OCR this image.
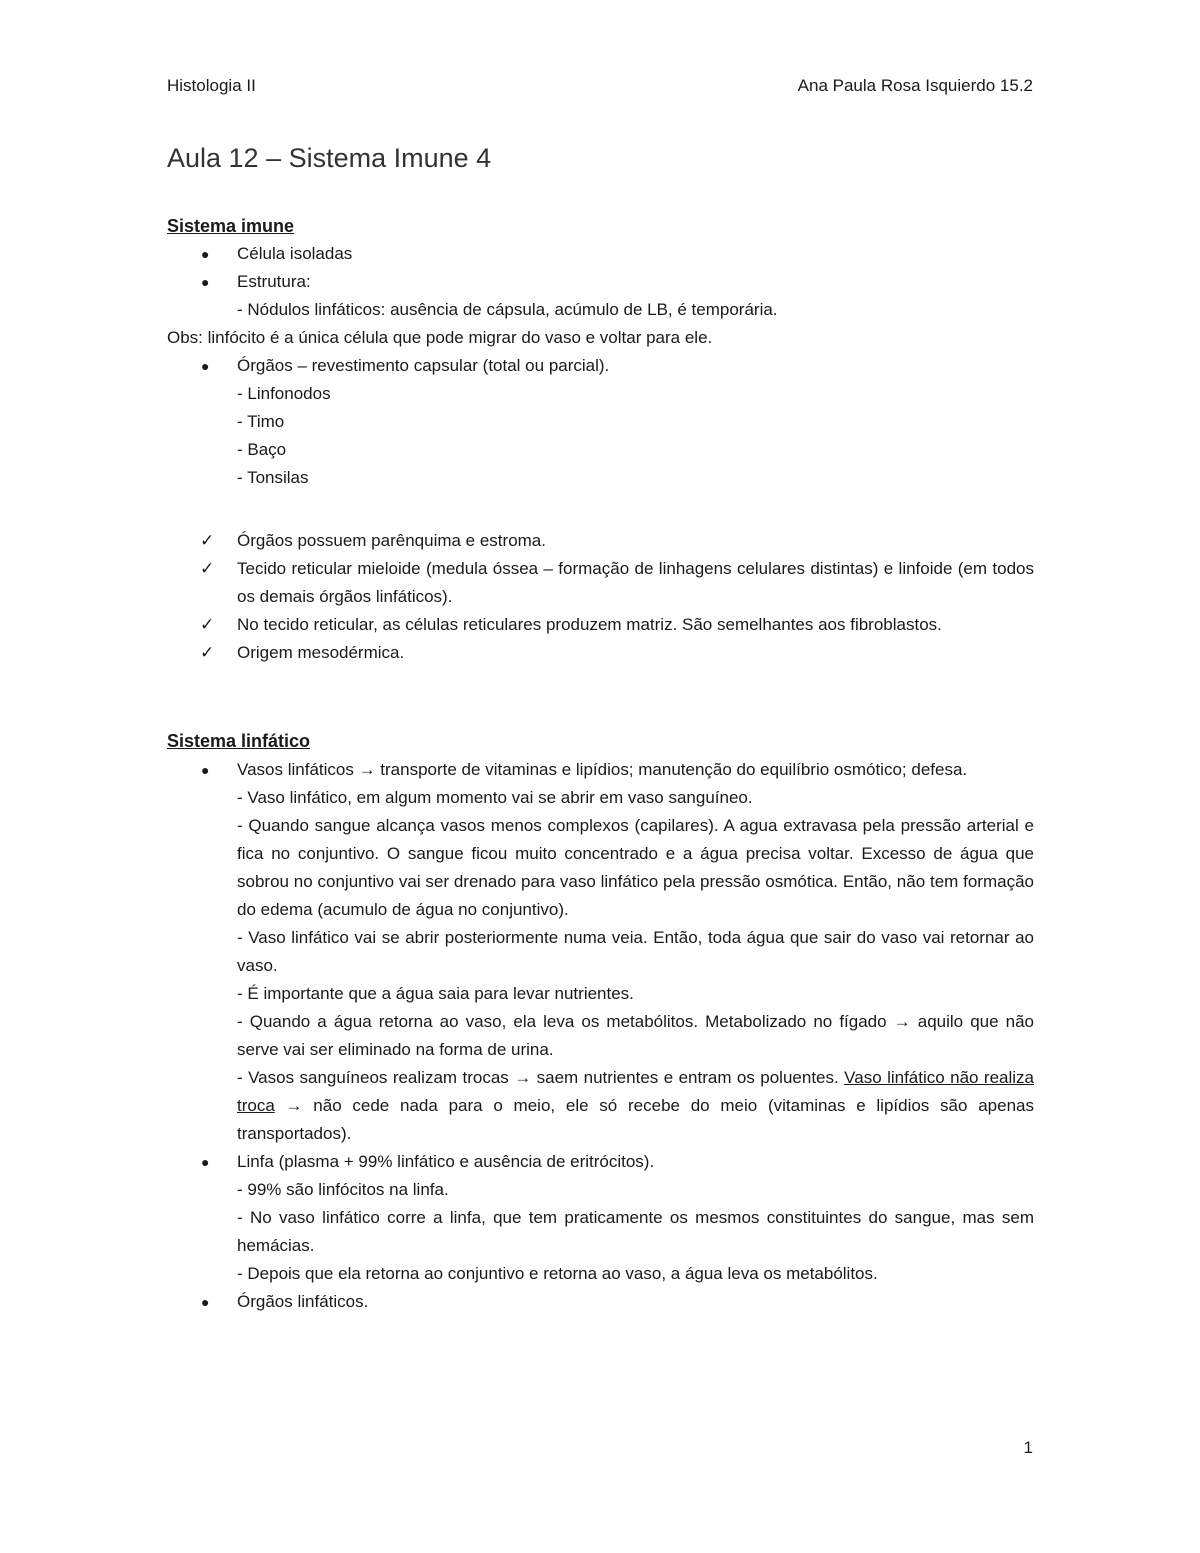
Histologia II	Ana Paula Rosa Isquierdo 15.2
Aula 12 – Sistema Imune 4
Sistema imune
● Célula isoladas
● Estrutura:
- Nódulos linfáticos: ausência de cápsula, acúmulo de LB, é temporária.
Obs: linfócito é a única célula que pode migrar do vaso e voltar para ele.
● Órgãos – revestimento capsular (total ou parcial).
- Linfonodos
- Timo
- Baço
- Tonsilas
✓	Órgãos possuem parênquima e estroma.
✓	Tecido reticular mieloide (medula óssea – formação de linhagens celulares distintas) e linfoide (em todos os demais órgãos linfáticos).
✓	No tecido reticular, as células reticulares produzem matriz. São semelhantes aos fibroblastos.
✓	Origem mesodérmica.
Sistema linfático
●	Vasos linfáticos → transporte de vitaminas e lipídios; manutenção do equilíbrio osmótico; defesa.
- Vaso linfático, em algum momento vai se abrir em vaso sanguíneo.
- Quando sangue alcança vasos menos complexos (capilares). A agua extravasa pela pressão arterial e fica no conjuntivo. O sangue ficou muito concentrado e a água precisa voltar. Excesso de água que sobrou no conjuntivo vai ser drenado para vaso linfático pela pressão osmótica. Então, não tem formação do edema (acumulo de água no conjuntivo).
- Vaso linfático vai se abrir posteriormente numa veia. Então, toda água que sair do vaso vai retornar ao vaso.
- É importante que a água saia para levar nutrientes.
- Quando a água retorna ao vaso, ela leva os metabólitos. Metabolizado no fígado → aquilo que não serve vai ser eliminado na forma de urina.
- Vasos sanguíneos realizam trocas → saem nutrientes e entram os poluentes. Vaso linfático não realiza troca → não cede nada para o meio, ele só recebe do meio (vitaminas e lipídios são apenas transportados).
●	Linfa (plasma + 99% linfático e ausência de eritrócitos).
- 99% são linfócitos na linfa.
- No vaso linfático corre a linfa, que tem praticamente os mesmos constituintes do sangue, mas sem hemácias.
- Depois que ela retorna ao conjuntivo e retorna ao vaso, a água leva os metabólitos.
●	Órgãos linfáticos.
1
